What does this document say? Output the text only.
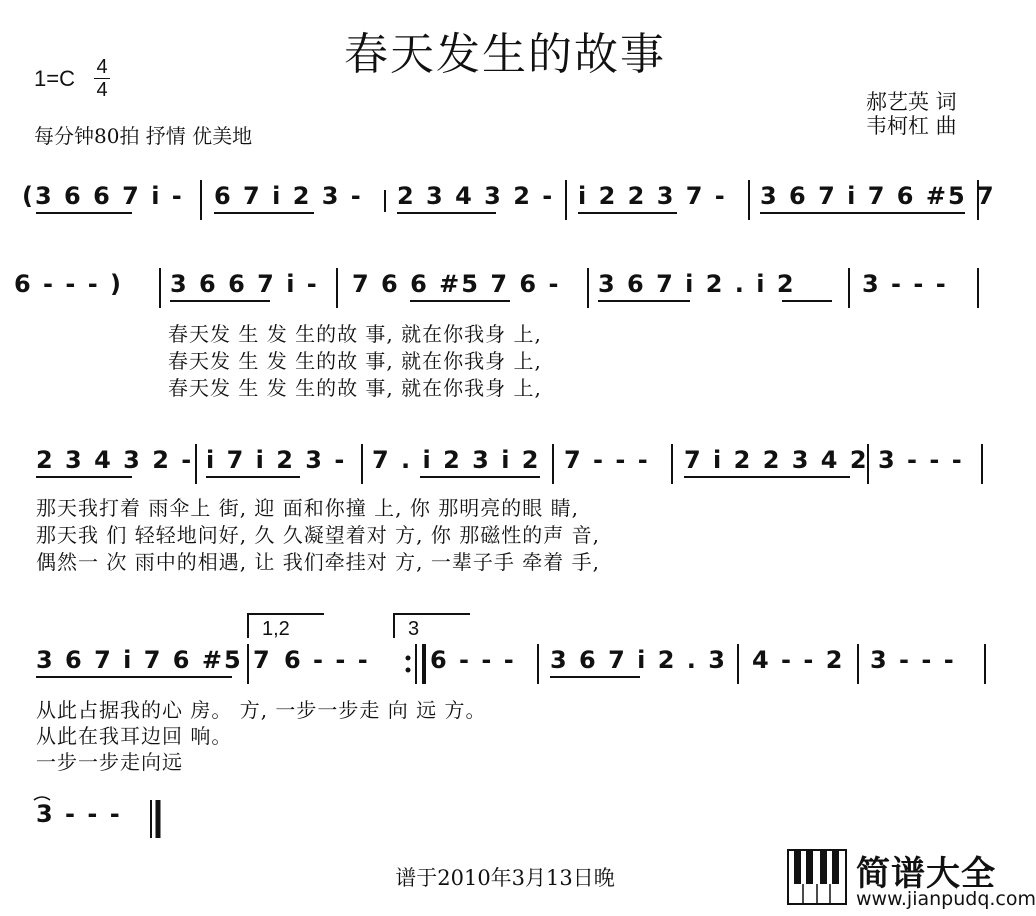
春天发生的故事
1=C 4
4
每分钟80拍 抒情 优美地
郝艺英 词
韦柯杠 曲
(3 6 6 7 i - 6 7 i 2 3 - 2 3 4 3 2 - i 2 2 3 7 - 3 6 7 i 7 6 #5 7
6 - - - ) 3 6 6 7 i - 7 6 6 #5 7 6 - 3 6 7 i 2 . i 2	3 - - -
春天发 生 发 生的故 事, 就在你我身 上,
春天发 生 发 生的故 事, 就在你我身 上,
春天发 生 发 生的故 事, 就在你我身 上,
2 3 4 3 2 - i 7 i 2 3 - 7 . i 2 3 i 2 7 - - - 7 i 2 2 3 4 2 3 - - -
那天我打着 雨伞上 街, 迎 面和你撞 上, 你 那明亮的眼 睛,
那天我 们 轻轻地问好, 久 久凝望着对 方, 你 那磁性的声 音,
偶然一 次 雨中的相遇, 让 我们牵挂对 方, 一辈子手 牵着 手,
1,2	3
3 6 7 i 7 6 #5 7 6 - - -	6 - - - 3 6 7 i 2 . 3 4 - - 2 3 - - -
从此占据我的心 房。 方, 一步一步走 向 远 方。
从此在我耳边回 响。
一步一步走向远
3 - - -
谱于2010年3月13日晚	简谱大全
www.jianpudq.com
